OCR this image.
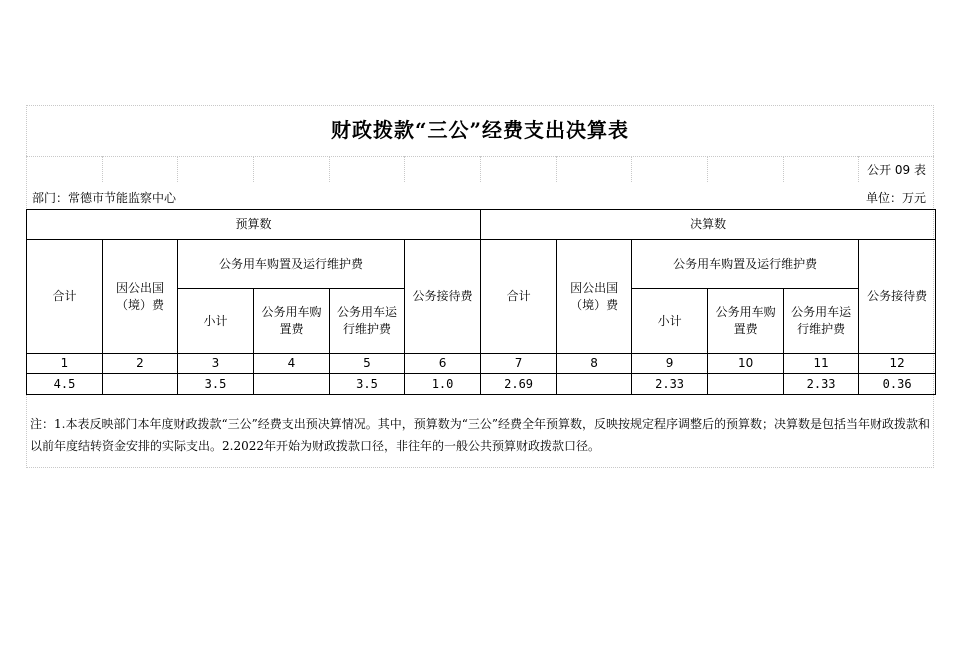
财政拨款“三公”经费支出决算表
公开 09 表
部门：常德市节能监察中心	单位：万元
预算数						决算数					
合计	因公出国（境）费	公务用车购置及运行维护费			公务接待费	合计	因公出国（境）费	公务用车购置及运行维护费			公务接待费
		小计	公务用车购置费	公务用车运行维护费				小计	公务用车购置费	公务用车运行维护费	
1	2	3	4	5	6	7	8	9	10	11	12
4.5		3.5		3.5	1.0	2.69		2.33		2.33	0.36
注：1.本表反映部门本年度财政拨款“三公”经费支出预决算情况。其中，预算数为“三公”经费全年预算数，反映按规定程序调整后的预算数；决算数是包括当年财政拨款和以前年度结转资金安排的实际支出。2.2022年开始为财政拨款口径，非往年的一般公共预算财政拨款口径。
